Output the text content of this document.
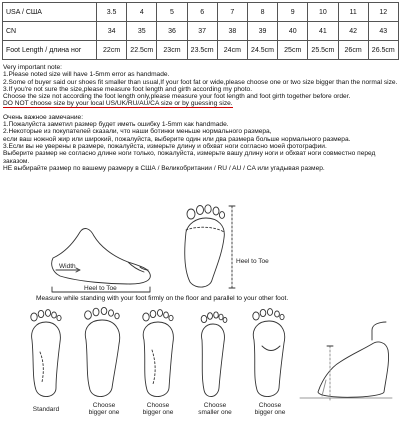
USA / США	3.5	4	5	6	7	8	9	10	11	12
CN	34	35	36	37	38	39	40	41	42	43
Foot Length / длина ног	22cm	22.5cm	23cm	23.5cm	24cm	24.5cm	25cm	25.5cm	26cm	26.5cm

Very important note:

1.Please noted size will have 1-5mm error as handmade.

2.Some of buyer said our shoes fit smaller than usual,If your foot fat or wide,please choose one or two size bigger than the normal size.

3.If you're not sure the size,please measure foot length and girth according my photo.

Choose the size not according the foot length only,please measure your foot length and foot girth together before order.

DO NOT choose size by your local US/UK/RU/AU/CA size or by guessing size.

Очень важное замечание:

1.Пожалуйста заметил размер будет иметь ошибку 1-5mm как handmade.

2.Некоторые из покупателей сказали, что наши ботинки меньше нормального размера,

если ваш ножной жир или широкий, пожалуйста, выберите один или два размера больше нормального размера.

3.Если вы не уверены в размере, пожалуйста, измерьте длину и обхват ноги согласно моей фотографии.

Выберите размер не согласно длине ноги только, пожалуйста, измерьте вашу длину ноги и обхват ноги совместно перед заказом.

НЕ выбирайте размер по вашему размеру в США / Великобритании / RU / AU / CA или угадывая размер.

Width
Heel to Toe
Heel to Toe
Measure while standing with your foot firmly on the floor and parallel to your other foot.
Standard
Choose
bigger one
Choose
bigger one
Choose
smaller one
Choose
bigger one
